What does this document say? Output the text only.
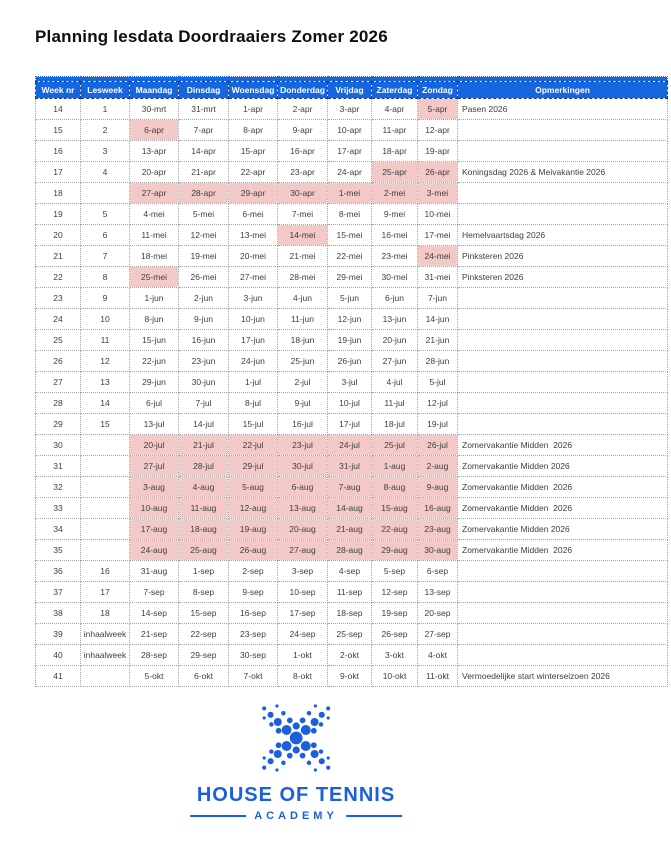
Planning lesdata Doordraaiers Zomer 2026

Week nr	Lesweek	Maandag	Dinsdag	Woensdag	Donderdag	Vrijdag	Zaterdag	Zondag	Opmerkingen
14	1	30-mrt	31-mrt	1-apr	2-apr	3-apr	4-apr	5-apr	Pasen 2026
15	2	6-apr	7-apr	8-apr	9-apr	10-apr	11-apr	12-apr	
16	3	13-apr	14-apr	15-apr	16-apr	17-apr	18-apr	19-apr	
17	4	20-apr	21-apr	22-apr	23-apr	24-apr	25-apr	26-apr	Koningsdag 2026 & Meivakantie 2026
18		27-apr	28-apr	29-apr	30-apr	1-mei	2-mei	3-mei	
19	5	4-mei	5-mei	6-mei	7-mei	8-mei	9-mei	10-mei	
20	6	11-mei	12-mei	13-mei	14-mei	15-mei	16-mei	17-mei	Hemelvaartsdag 2026
21	7	18-mei	19-mei	20-mei	21-mei	22-mei	23-mei	24-mei	Pinksteren 2026
22	8	25-mei	26-mei	27-mei	28-mei	29-mei	30-mei	31-mei	Pinksteren 2026
23	9	1-jun	2-jun	3-jun	4-jun	5-jun	6-jun	7-jun	
24	10	8-jun	9-jun	10-jun	11-jun	12-jun	13-jun	14-jun	
25	11	15-jun	16-jun	17-jun	18-jun	19-jun	20-jun	21-jun	
26	12	22-jun	23-jun	24-jun	25-jun	26-jun	27-jun	28-jun	
27	13	29-jun	30-jun	1-jul	2-jul	3-jul	4-jul	5-jul	
28	14	6-jul	7-jul	8-jul	9-jul	10-jul	11-jul	12-jul	
29	15	13-jul	14-jul	15-jul	16-jul	17-jul	18-jul	19-jul	
30		20-jul	21-jul	22-jul	23-jul	24-jul	25-jul	26-jul	Zomervakantie Midden  2026
31		27-jul	28-jul	29-jul	30-jul	31-jul	1-aug	2-aug	Zomervakantie Midden 2026
32		3-aug	4-aug	5-aug	6-aug	7-aug	8-aug	9-aug	Zomervakantie Midden  2026
33		10-aug	11-aug	12-aug	13-aug	14-aug	15-aug	16-aug	Zomervakantie Midden  2026
34		17-aug	18-aug	19-aug	20-aug	21-aug	22-aug	23-aug	Zomervakantie Midden 2026
35		24-aug	25-aug	26-aug	27-aug	28-aug	29-aug	30-aug	Zomervakantie Midden  2026
36	16	31-aug	1-sep	2-sep	3-sep	4-sep	5-sep	6-sep	
37	17	7-sep	8-sep	9-sep	10-sep	11-sep	12-sep	13-sep	
38	18	14-sep	15-sep	16-sep	17-sep	18-sep	19-sep	20-sep	
39	inhaalweek	21-sep	22-sep	23-sep	24-sep	25-sep	26-sep	27-sep	
40	inhaalweek	28-sep	29-sep	30-sep	1-okt	2-okt	3-okt	4-okt	
41		5-okt	6-okt	7-okt	8-okt	9-okt	10-okt	11-okt	Vermoedelijke start winterseizoen 2026
HOUSE OF TENNIS
ACADEMY
